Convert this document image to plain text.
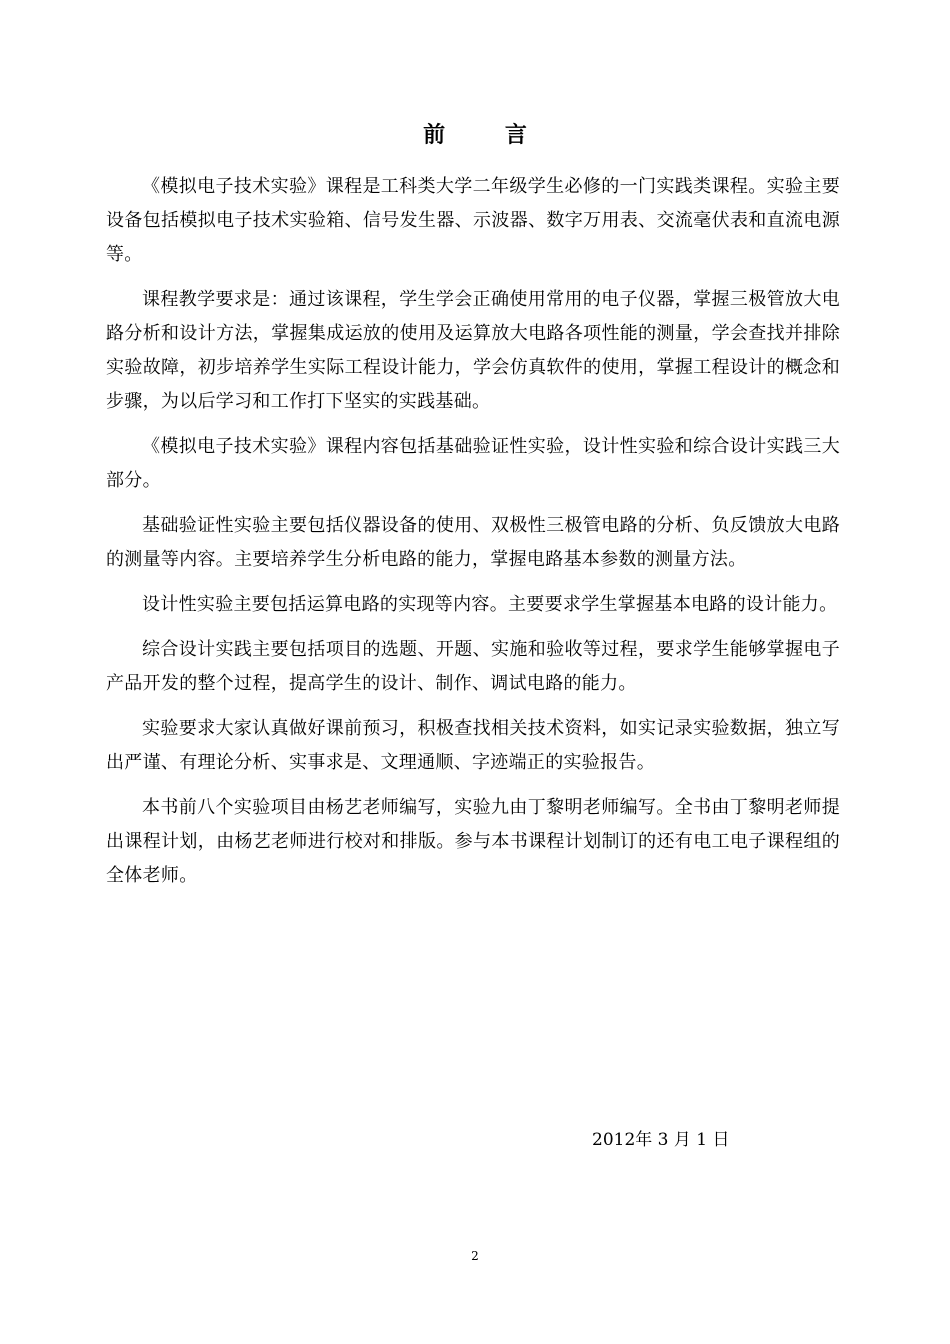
前 言

《模拟电子技术实验》课程是工科类大学二年级学生必修的一门实践类课程。实验主要设备包括模拟电子技术实验箱、信号发生器、示波器、数字万用表、交流毫伏表和直流电源等。

课程教学要求是：通过该课程，学生学会正确使用常用的电子仪器，掌握三极管放大电路分析和设计方法，掌握集成运放的使用及运算放大电路各项性能的测量，学会查找并排除实验故障，初步培养学生实际工程设计能力，学会仿真软件的使用，掌握工程设计的概念和步骤，为以后学习和工作打下坚实的实践基础。

《模拟电子技术实验》课程内容包括基础验证性实验，设计性实验和综合设计实践三大部分。

基础验证性实验主要包括仪器设备的使用、双极性三极管电路的分析、负反馈放大电路的测量等内容。主要培养学生分析电路的能力，掌握电路基本参数的测量方法。

设计性实验主要包括运算电路的实现等内容。主要要求学生掌握基本电路的设计能力。

综合设计实践主要包括项目的选题、开题、实施和验收等过程，要求学生能够掌握电子产品开发的整个过程，提高学生的设计、制作、调试电路的能力。

实验要求大家认真做好课前预习，积极查找相关技术资料，如实记录实验数据，独立写出严谨、有理论分析、实事求是、文理通顺、字迹端正的实验报告。

本书前八个实验项目由杨艺老师编写，实验九由丁黎明老师编写。全书由丁黎明老师提出课程计划，由杨艺老师进行校对和排版。参与本书课程计划制订的还有电工电子课程组的全体老师。

2012年 3 月 1 日

2
